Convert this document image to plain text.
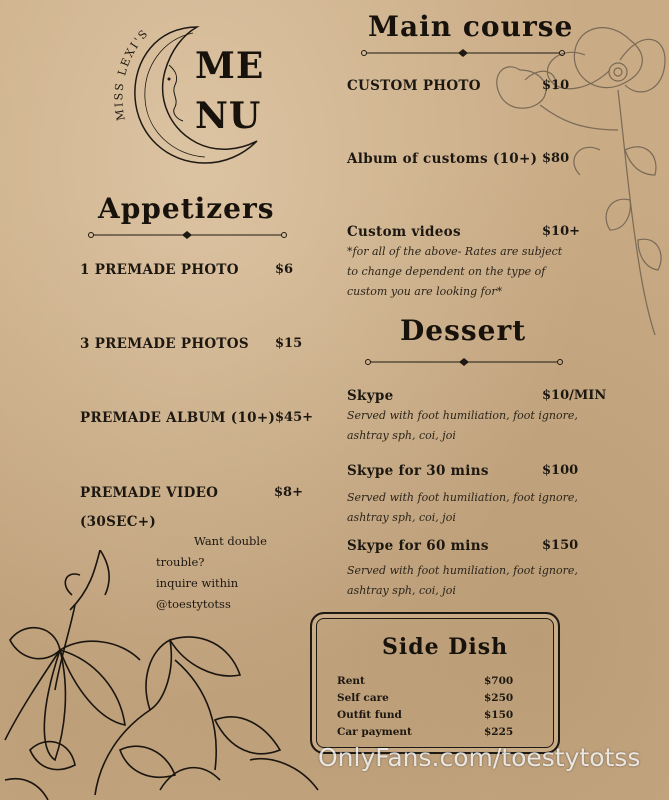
MISS LEXI'S
ME
NU
Appetizers
1 PREMADE PHOTO	$6
3 PREMADE PHOTOS $15
PREMADE ALBUM (10+) $45+
PREMADE VIDEO
(30SEC+)
$8+
Want double
trouble?
inquire within
@toestytotss
Main course
CUSTOM PHOTO	$10
Album of customs (10+) $80
Custom videos	$10+
*for all of the above- Rates are subject
to change dependent on the type of
custom you are looking for*
Dessert
Skype	$10/MIN
Served with foot humiliation, foot ignore,
ashtray sph, coi, joi
Skype for 30 mins	$100
Served with foot humiliation, foot ignore,
ashtray sph, coi, joi
Skype for 60 mins	$150
Served with foot humiliation, foot ignore,
ashtray sph, coi, joi
Side Dish
Rent	$700
Self care	$250
Outfit fund	$150
Car payment	$225
OnlyFans.com/toestytotss
